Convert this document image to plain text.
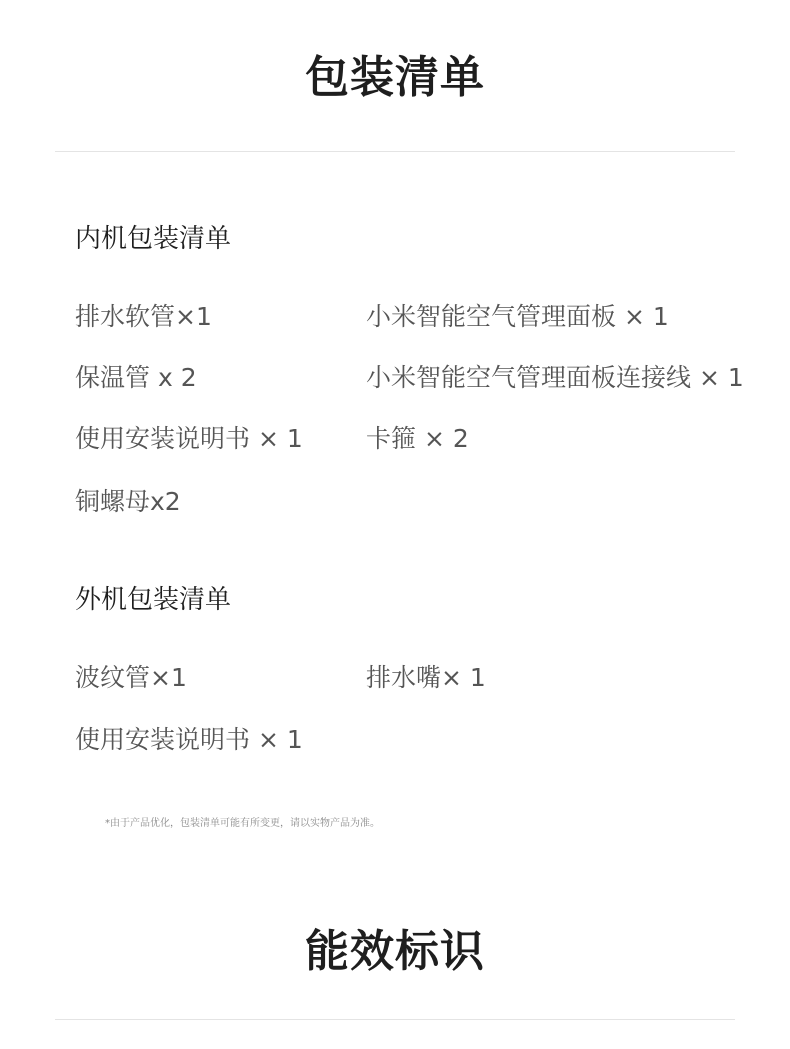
包装清单
内机包装清单
排水软管×1
保温管 x 2
使用安装说明书 × 1
铜螺母x2
小米智能空气管理面板 × 1
小米智能空气管理面板连接线 × 1
卡箍 × 2
外机包装清单
波纹管×1
使用安装说明书 × 1
排水嘴× 1
*由于产品优化，包装清单可能有所变更，请以实物产品为准。
能效标识
